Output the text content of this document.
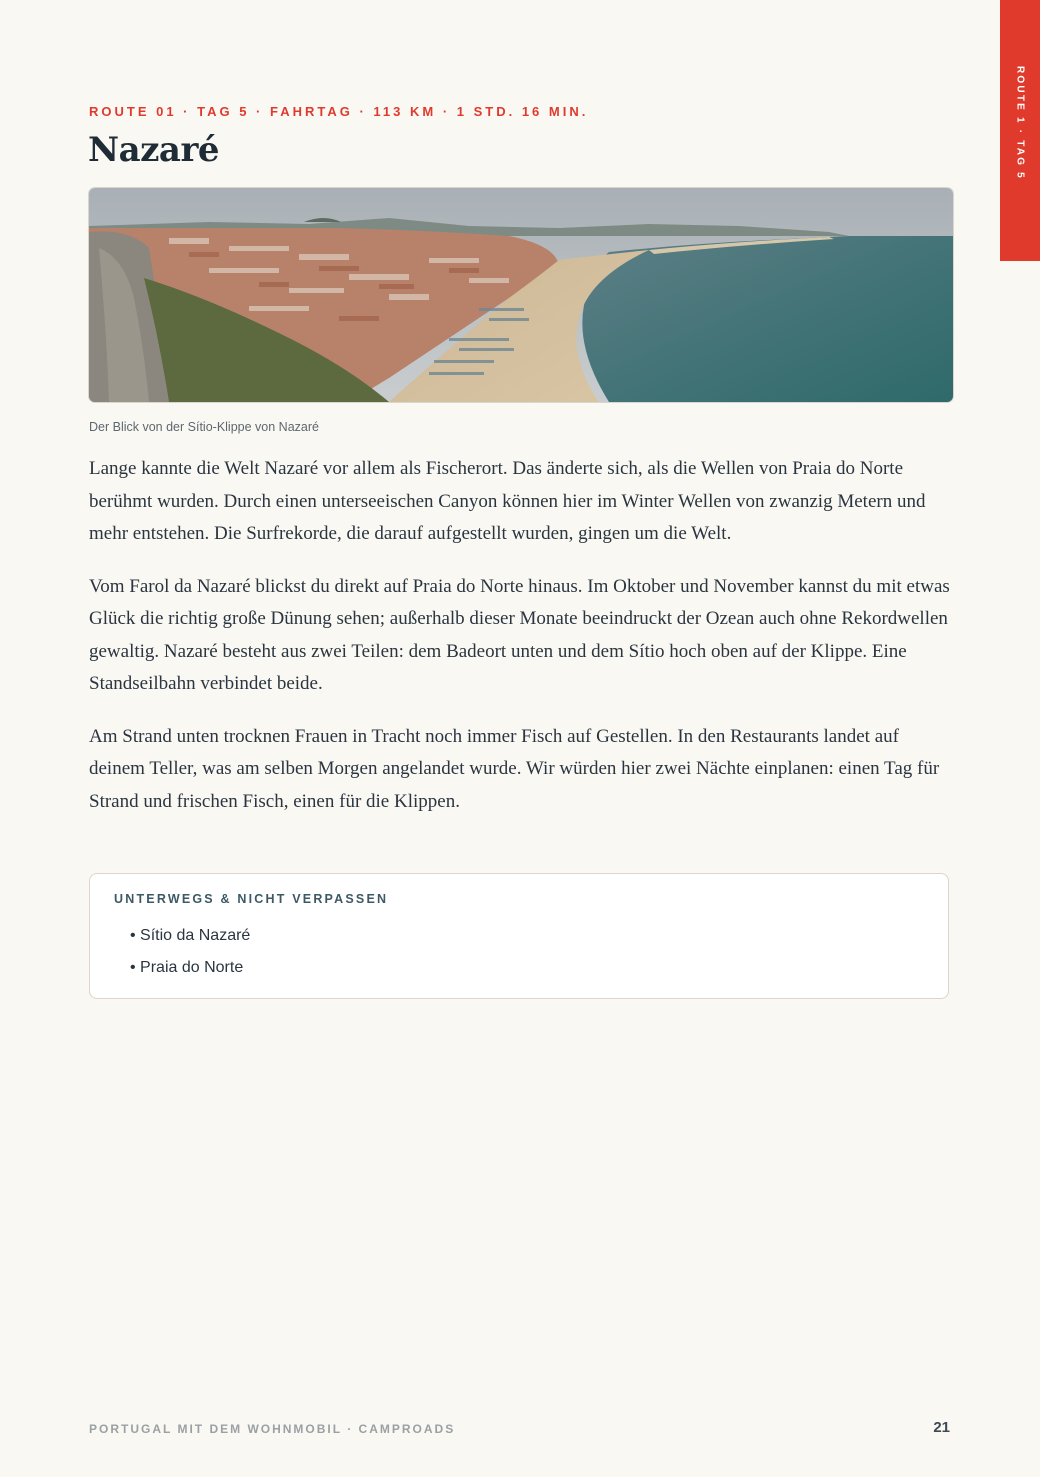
ROUTE 1 · TAG 5
ROUTE 01 · TAG 5 · FAHRTAG · 113 KM · 1 STD. 16 MIN.
Nazaré
Der Blick von der Sítio-Klippe von Nazaré

Lange kannte die Welt Nazaré vor allem als Fischerort. Das änderte sich, als die Wellen von Praia do Norte berühmt wurden. Durch einen unterseeischen Canyon können hier im Winter Wellen von zwanzig Metern und mehr entstehen. Die Surfrekorde, die darauf aufgestellt wurden, gingen um die Welt.

Vom Farol da Nazaré blickst du direkt auf Praia do Norte hinaus. Im Oktober und November kannst du mit etwas Glück die richtig große Dünung sehen; außerhalb dieser Monate beeindruckt der Ozean auch ohne Rekordwellen gewaltig. Nazaré besteht aus zwei Teilen: dem Badeort unten und dem Sítio hoch oben auf der Klippe. Eine Standseilbahn verbindet beide.

Am Strand unten trocknen Frauen in Tracht noch immer Fisch auf Gestellen. In den Restaurants landet auf deinem Teller, was am selben Morgen angelandet wurde. Wir würden hier zwei Nächte einplanen: einen Tag für Strand und frischen Fisch, einen für die Klippen.

UNTERWEGS & NICHT VERPASSEN
• Sítio da Nazaré
• Praia do Norte
PORTUGAL MIT DEM WOHNMOBIL · CAMPROADS	21
